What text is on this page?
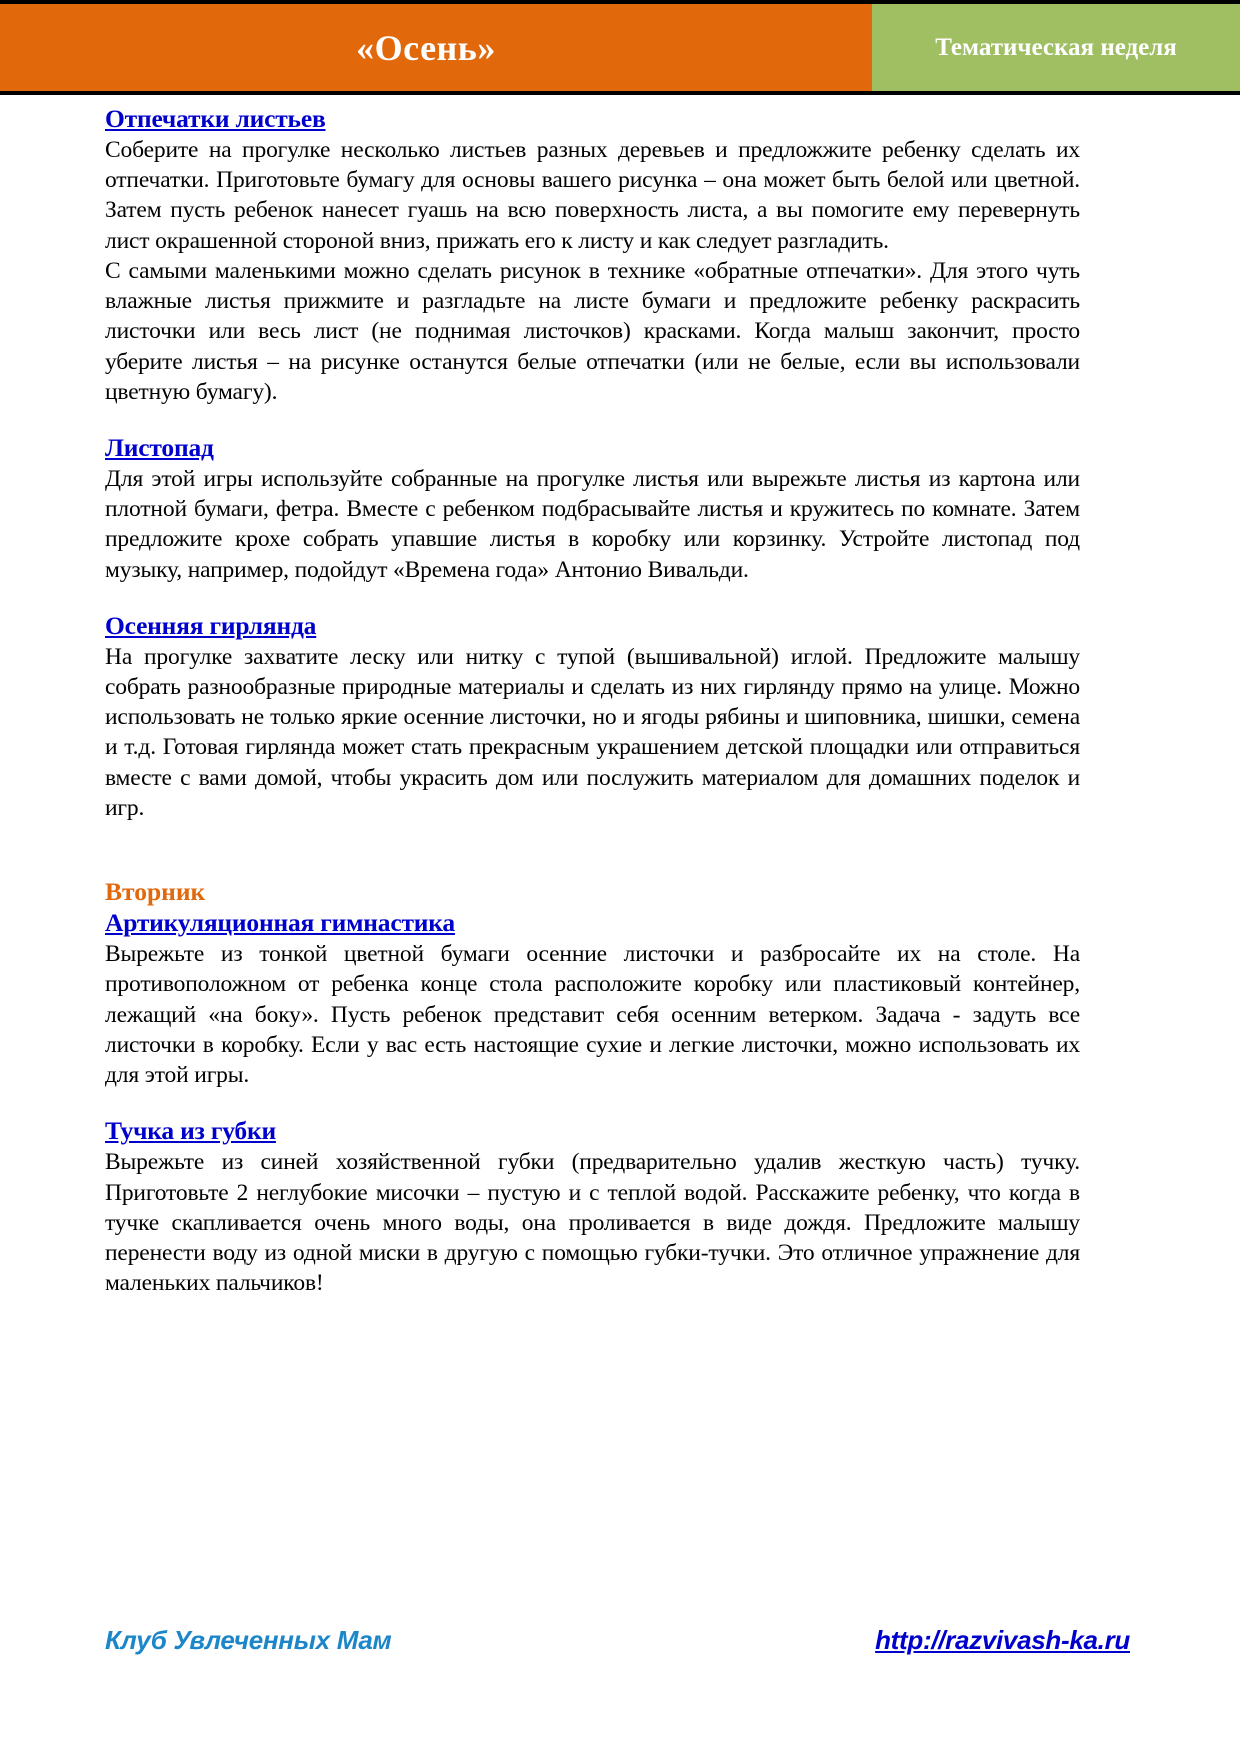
«Осень»	Тематическая неделя
Отпечатки листьев

Соберите на прогулке несколько листьев разных деревьев и предложжите ребенку сделать их отпечатки. Приготовьте бумагу для основы вашего рисунка – она может быть белой или цветной. Затем пусть ребенок нанесет гуашь на всю поверхность листа, а вы помогите ему перевернуть лист окрашенной стороной вниз, прижать его к листу и как следует разгладить.

С самыми маленькими можно сделать рисунок в технике «обратные отпечатки». Для этого чуть влажные листья прижмите и разгладьте на листе бумаги и предложите ребенку раскрасить листочки или весь лист (не поднимая листочков) красками. Когда малыш закончит, просто уберите листья – на рисунке останутся белые отпечатки (или не белые, если вы использовали цветную бумагу).

Листопад

Для этой игры используйте собранные на прогулке листья или вырежьте листья из картона или плотной бумаги, фетра. Вместе с ребенком подбрасывайте листья и кружитесь по комнате. Затем предложите крохе собрать упавшие листья в коробку или корзинку. Устройте листопад под музыку, например, подойдут «Времена года» Антонио Вивальди.

Осенняя гирлянда

На прогулке захватите леску или нитку с тупой (вышивальной) иглой. Предложите малышу собрать разнообразные природные материалы и сделать из них гирлянду прямо на улице. Можно использовать не только яркие осенние листочки, но и ягоды рябины и шиповника, шишки, семена и т.д. Готовая гирлянда может стать прекрасным украшением детской площадки или отправиться вместе с вами домой, чтобы украсить дом или послужить материалом для домашних поделок и игр.

Вторник
Артикуляционная гимнастика

Вырежьте из тонкой цветной бумаги осенние листочки и разбросайте их на столе. На противоположном от ребенка конце стола расположите коробку или пластиковый контейнер, лежащий «на боку». Пусть ребенок представит себя осенним ветерком. Задача - задуть все листочки в коробку. Если у вас есть настоящие сухие и легкие листочки, можно использовать их для этой игры.

Тучка из губки

Вырежьте из синей хозяйственной губки (предварительно удалив жесткую часть) тучку. Приготовьте 2 неглубокие мисочки – пустую и с теплой водой. Расскажите ребенку, что когда в тучке скапливается очень много воды, она проливается в виде дождя. Предложите малышу перенести воду из одной миски в другую с помощью губки-тучки. Это отличное упражнение для маленьких пальчиков!

Клуб Увлеченных Мам	http://razvivash-ka.ru
